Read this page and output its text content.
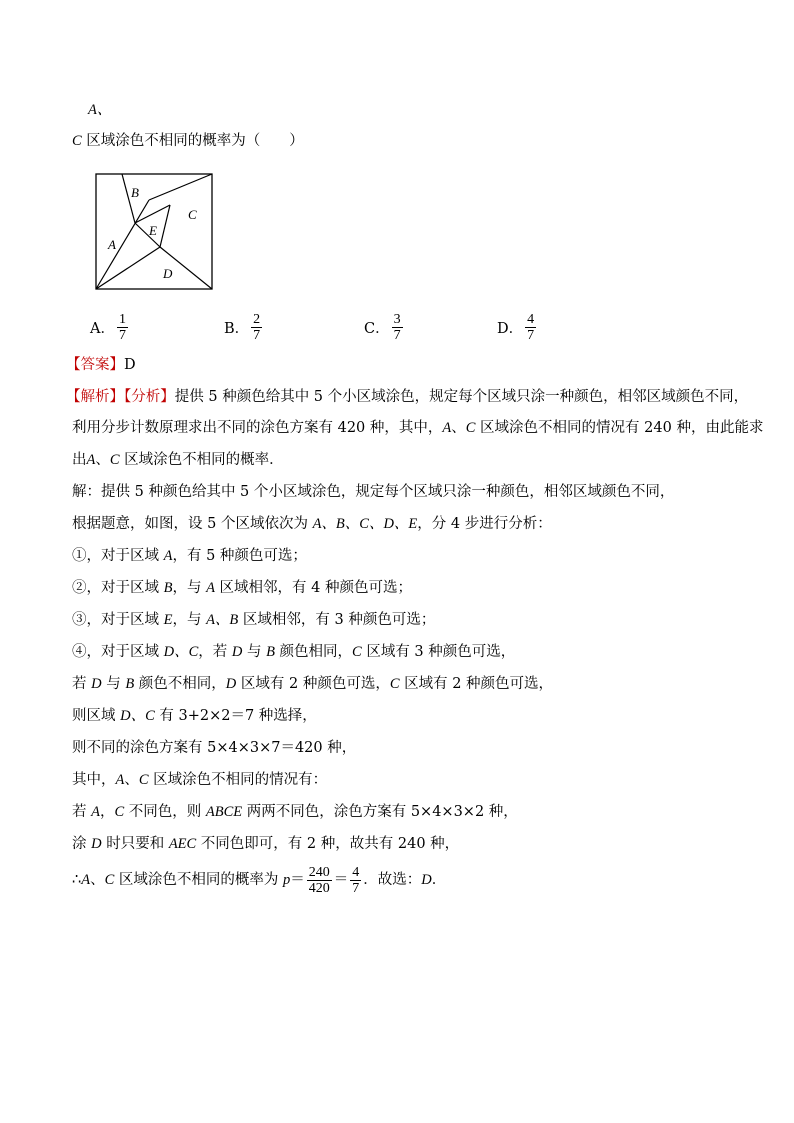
A、
C 区域涂色不相同的概率为（　　）
B
C
E
A
D
A． $\frac{1}{7}$	B． $\frac{2}{7}$	C． $\frac{3}{7}$	D． $\frac{4}{7}$
【答案】D
【解析】【分析】提供 5 种颜色给其中 5 个小区域涂色，规定每个区域只涂一种颜色，相邻区域颜色不同，
利用分步计数原理求出不同的涂色方案有 420 种，其中，A、C 区域涂色不相同的情况有 240 种，由此能求
出A、C 区域涂色不相同的概率．
解：提供 5 种颜色给其中 5 个小区域涂色，规定每个区域只涂一种颜色，相邻区域颜色不同，
根据题意，如图，设 5 个区域依次为 A、B、C、D、E，分 4 步进行分析：
①，对于区域 A，有 5 种颜色可选；
②，对于区域 B，与 A 区域相邻，有 4 种颜色可选；
③，对于区域 E，与 A、B 区域相邻，有 3 种颜色可选；
④，对于区域 D、C，若 D 与 B 颜色相同，C 区域有 3 种颜色可选，
若 D 与 B 颜色不相同，D 区域有 2 种颜色可选，C 区域有 2 种颜色可选，
则区域 D、C 有 3+2×2＝7 种选择，
则不同的涂色方案有 5×4×3×7＝420 种，
其中，A、C 区域涂色不相同的情况有：
若 A，C 不同色，则 ABCE 两两不同色，涂色方案有 5×4×3×2 种，
涂 D 时只要和 AEC 不同色即可，有 2 种，故共有 240 种，
∴A、C 区域涂色不相同的概率为 $p= \frac{240}{420} = \frac{4}{7}$ ．故选：D．
